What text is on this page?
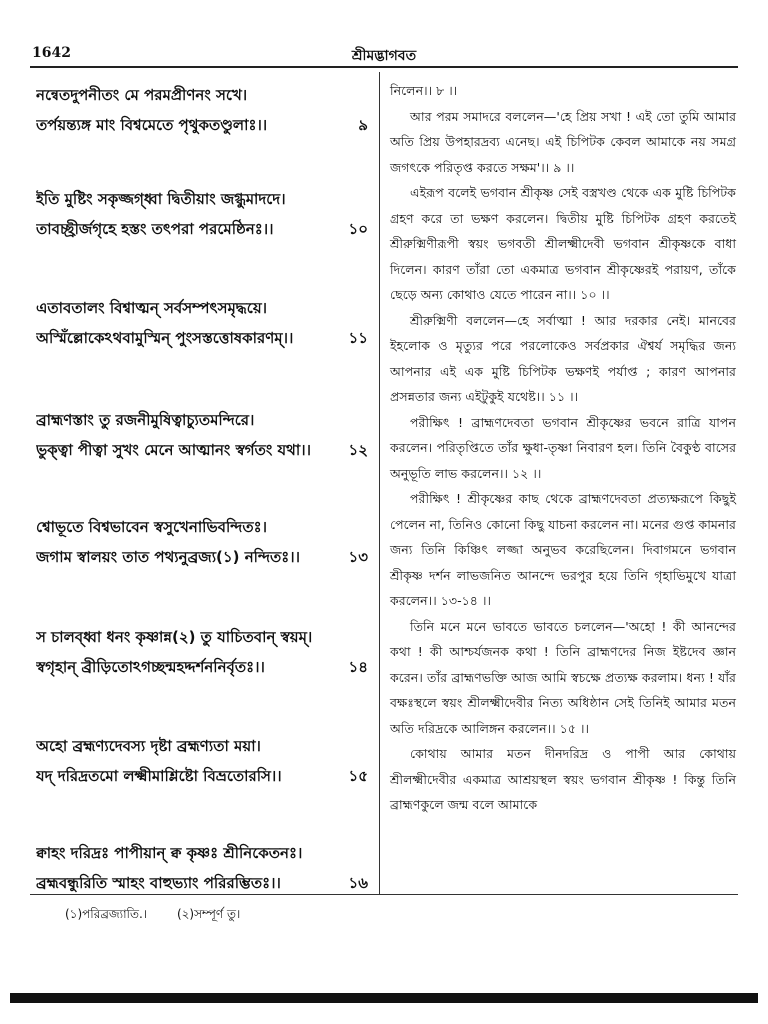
1642	শ্রীমদ্ভাগবত
নন্বেতদুপনীতং মে পরমপ্রীণনং সখে।
তর্পয়ন্ত্যঙ্গ মাং বিশ্বমেতে পৃথুকতণ্ডুলাঃ।।	৯
ইতি মুষ্টিং সকৃজ্জগ্ধ্বা দ্বিতীয়াং জগ্ধুমাদদে।
তাবচ্ছ্রীর্জগৃহে হস্তং তৎপরা পরমেষ্ঠিনঃ।।	১০
এতাবতালং বিশ্বাত্মন্ সর্বসম্পৎসমৃদ্ধয়ে।
অস্মিঁল্লোকেঽথবামুস্মিন্ পুংসস্তত্তোষকারণম্।।	১১
ব্রাহ্মণস্তাং তু রজনীমুষিত্বাচ্যুতমন্দিরে।
ভুক্ত্বা পীত্বা সুখং মেনে আত্মানং স্বর্গতং যথা।।	১২
শ্বোভূতে বিশ্বভাবেন স্বসুখেনাভিবন্দিতঃ।
জগাম স্বালয়ং তাত পথ্যনুব্রজ্য(১) নন্দিতঃ।।	১৩
স চালব্ধ্বা ধনং কৃষ্ণান্ন(২) তু যাচিতবান্ স্বয়ম্।
স্বগৃহান্ ব্রীড়িতোঽগচ্ছন্মহদ্দর্শননির্বৃতঃ।।	১৪
অহো ব্রহ্মণ্যদেবস্য দৃষ্টা ব্রহ্মণ্যতা ময়া।
যদ্ দরিদ্রতমো লক্ষ্মীমাশ্লিষ্টো বিভ্রতোরসি।।	১৫
ক্বাহং দরিদ্রঃ পাপীয়ান্ ক্ব কৃষ্ণঃ শ্রীনিকেতনঃ।
ব্রহ্মবন্ধুরিতি স্মাহং বাহুভ্যাং পরিরম্ভিতঃ।।	১৬

নিলেন।। ৮ ।।

আর পরম সমাদরে বললেন—'হে প্রিয় সখা ! এই তো তুমি আমার অতি প্রিয় উপহারদ্রব্য এনেছ। এই চিপিটক কেবল আমাকে নয় সমগ্র জগৎকে পরিতৃপ্ত করতে সক্ষম'।। ৯ ।।

এইরূপ বলেই ভগবান শ্রীকৃষ্ণ সেই বস্ত্রখণ্ড থেকে এক মুষ্টি চিপিটক গ্রহণ করে তা ভক্ষণ করলেন। দ্বিতীয় মুষ্টি চিপিটক গ্রহণ করতেই শ্রীরুক্মিণীরূপী স্বয়ং ভগবতী শ্রীলক্ষ্মীদেবী ভগবান শ্রীকৃষ্ণকে বাধা দিলেন। কারণ তাঁরা তো একমাত্র ভগবান শ্রীকৃষ্ণেরই পরায়ণ, তাঁকে ছেড়ে অন্য কোথাও যেতে পারেন না।। ১০ ।।

শ্রীরুক্মিণী বললেন—হে সর্বাত্মা ! আর দরকার নেই। মানবের ইহলোক ও মৃত্যুর পরে পরলোকেও সর্বপ্রকার ঐশ্বর্য সমৃদ্ধির জন্য আপনার এই এক মুষ্টি চিপিটক ভক্ষণই পর্যাপ্ত ; কারণ আপনার প্রসন্নতার জন্য এইটুকুই যথেষ্ট।। ১১ ।।

পরীক্ষিৎ ! ব্রাহ্মণদেবতা ভগবান শ্রীকৃষ্ণের ভবনে রাত্রি যাপন করলেন। পরিতৃপ্তিতে তাঁর ক্ষুধা-তৃষ্ণা নিবারণ হল। তিনি বৈকুণ্ঠ বাসের অনুভূতি লাভ করলেন।। ১২ ।।

পরীক্ষিৎ ! শ্রীকৃষ্ণের কাছ থেকে ব্রাহ্মণদেবতা প্রত্যক্ষরূপে কিছুই পেলেন না, তিনিও কোনো কিছু যাচনা করলেন না। মনের গুপ্ত কামনার জন্য তিনি কিঞ্চিৎ লজ্জা অনুভব করেছিলেন। দিবাগমনে ভগবান শ্রীকৃষ্ণ দর্শন লাভজনিত আনন্দে ভরপুর হয়ে তিনি গৃহাভিমুখে যাত্রা করলেন।। ১৩-১৪ ।।

তিনি মনে মনে ভাবতে ভাবতে চললেন—'অহো ! কী আনন্দের কথা ! কী আশ্চর্যজনক কথা ! তিনি ব্রাহ্মণদের নিজ ইষ্টদেব জ্ঞান করেন। তাঁর ব্রাহ্মণভক্তি আজ আমি স্বচক্ষে প্রত্যক্ষ করলাম। ধন্য ! যাঁর বক্ষঃস্থলে স্বয়ং শ্রীলক্ষ্মীদেবীর নিত্য অধিষ্ঠান সেই তিনিই আমার মতন অতি দরিদ্রকে আলিঙ্গন করলেন।। ১৫ ।।

কোথায় আমার মতন দীনদরিদ্র ও পাপী আর কোথায় শ্রীলক্ষ্মীদেবীর একমাত্র আশ্রয়স্থল স্বয়ং ভগবান শ্রীকৃষ্ণ ! কিন্তু তিনি ব্রাহ্মণকুলে জন্ম বলে আমাকে

(১)পরিব্রজ্যাতি.। (২)সম্পূর্ণ তু।
